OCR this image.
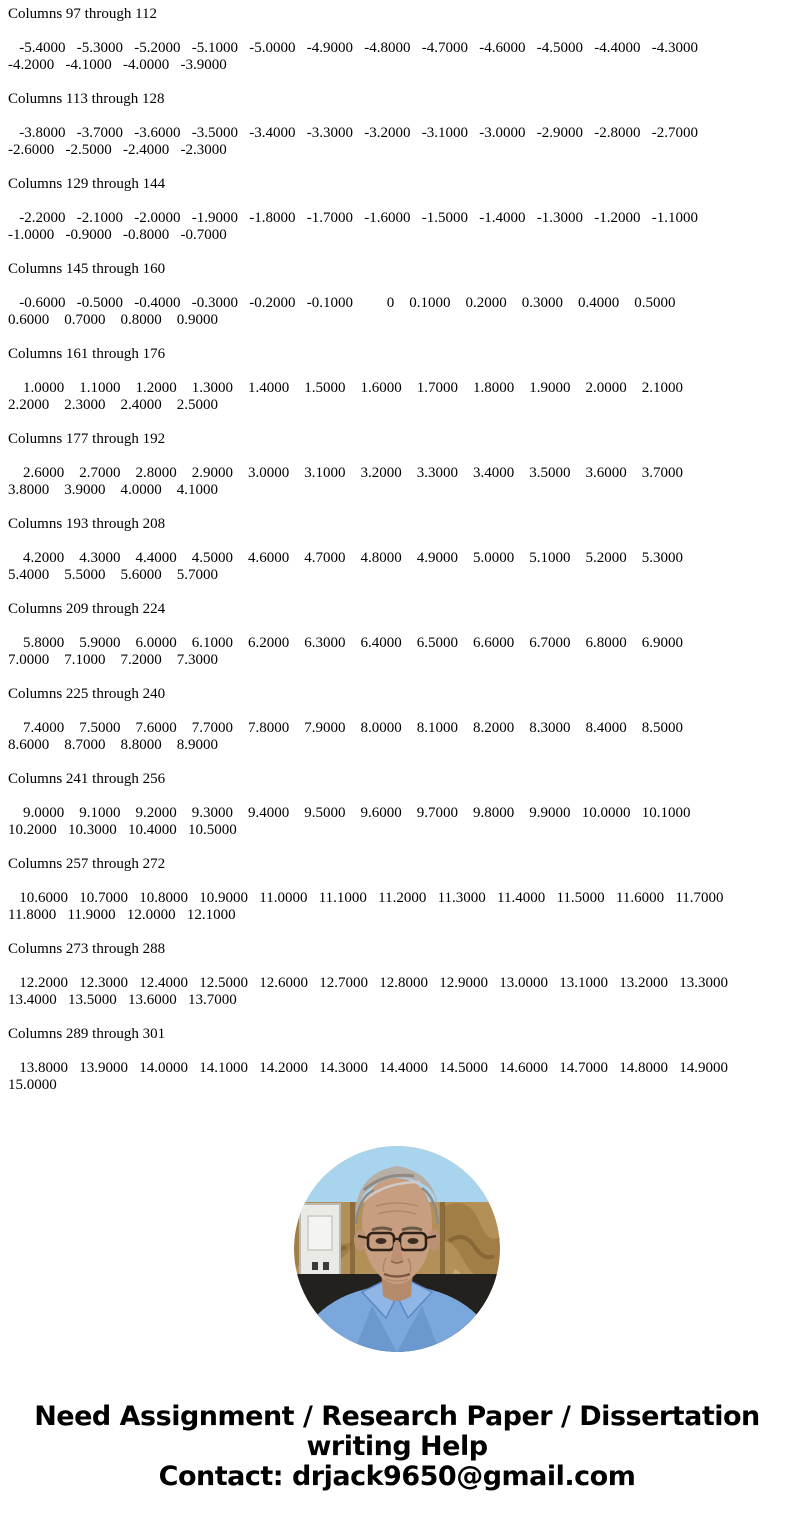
Columns 97 through 112
-5.4000   -5.3000   -5.2000   -5.1000   -5.0000   -4.9000   -4.8000   -4.7000   -4.6000   -4.5000   -4.4000   -4.3000
-4.2000   -4.1000   -4.0000   -3.9000
Columns 113 through 128
-3.8000   -3.7000   -3.6000   -3.5000   -3.4000   -3.3000   -3.2000   -3.1000   -3.0000   -2.9000   -2.8000   -2.7000
-2.6000   -2.5000   -2.4000   -2.3000
Columns 129 through 144
-2.2000   -2.1000   -2.0000   -1.9000   -1.8000   -1.7000   -1.6000   -1.5000   -1.4000   -1.3000   -1.2000   -1.1000
-1.0000   -0.9000   -0.8000   -0.7000
Columns 145 through 160
-0.6000   -0.5000   -0.4000   -0.3000   -0.2000   -0.1000         0    0.1000    0.2000    0.3000    0.4000    0.5000
0.6000    0.7000    0.8000    0.9000
Columns 161 through 176
1.0000    1.1000    1.2000    1.3000    1.4000    1.5000    1.6000    1.7000    1.8000    1.9000    2.0000    2.1000
2.2000    2.3000    2.4000    2.5000
Columns 177 through 192
2.6000    2.7000    2.8000    2.9000    3.0000    3.1000    3.2000    3.3000    3.4000    3.5000    3.6000    3.7000
3.8000    3.9000    4.0000    4.1000
Columns 193 through 208
4.2000    4.3000    4.4000    4.5000    4.6000    4.7000    4.8000    4.9000    5.0000    5.1000    5.2000    5.3000
5.4000    5.5000    5.6000    5.7000
Columns 209 through 224
5.8000    5.9000    6.0000    6.1000    6.2000    6.3000    6.4000    6.5000    6.6000    6.7000    6.8000    6.9000
7.0000    7.1000    7.2000    7.3000
Columns 225 through 240
7.4000    7.5000    7.6000    7.7000    7.8000    7.9000    8.0000    8.1000    8.2000    8.3000    8.4000    8.5000
8.6000    8.7000    8.8000    8.9000
Columns 241 through 256
9.0000    9.1000    9.2000    9.3000    9.4000    9.5000    9.6000    9.7000    9.8000    9.9000   10.0000   10.1000
10.2000   10.3000   10.4000   10.5000
Columns 257 through 272
10.6000   10.7000   10.8000   10.9000   11.0000   11.1000   11.2000   11.3000   11.4000   11.5000   11.6000   11.7000
11.8000   11.9000   12.0000   12.1000
Columns 273 through 288
12.2000   12.3000   12.4000   12.5000   12.6000   12.7000   12.8000   12.9000   13.0000   13.1000   13.2000   13.3000
13.4000   13.5000   13.6000   13.7000
Columns 289 through 301
13.8000   13.9000   14.0000   14.1000   14.2000   14.3000   14.4000   14.5000   14.6000   14.7000   14.8000   14.9000
15.0000
Need Assignment / Research Paper / Dissertation
writing Help
Contact: drjack9650@gmail.com
